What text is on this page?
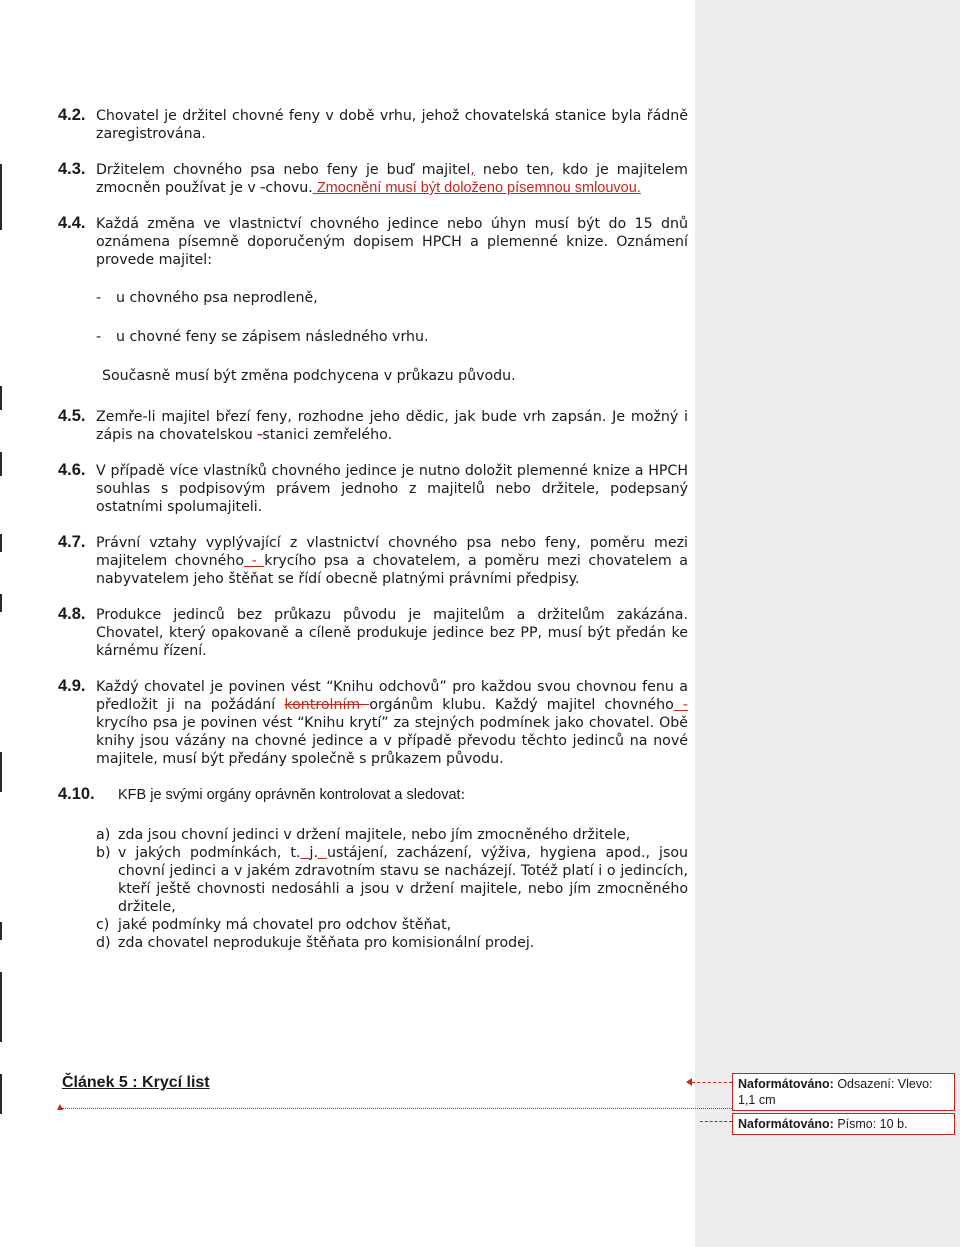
4.2. Chovatel je držitel chovné feny v době vrhu, jehož chovatelská stanice byla řádně zaregistrována.

4.3. Držitelem chovného psa nebo feny je buď majitel, nebo ten, kdo je majitelem zmocněn používat je v -chovu. Zmocnění musí být doloženo písemnou smlouvou.

4.4. Každá změna ve vlastnictví chovného jedince nebo úhyn musí být do 15 dnů oznámena písemně doporučeným dopisem HPCH a plemenné knize. Oznámení provede majitel:

- u chovného psa neprodleně,
- u chovné feny se zápisem následného vrhu.

Současně musí být změna podchycena v průkazu původu.

4.5. Zemře-li majitel březí feny, rozhodne jeho dědic, jak bude vrh zapsán. Je možný i zápis na chovatelskou -stanici zemřelého.

4.6. V případě více vlastníků chovného jedince je nutno doložit plemenné knize a HPCH souhlas s podpisovým právem jednoho z majitelů nebo držitele, podepsaný ostatními spolumajiteli.

4.7. Právní vztahy vyplývající z vlastnictví chovného psa nebo feny, poměru mezi majitelem chovného - krycího psa a chovatelem, a poměru mezi chovatelem a nabyvatelem jeho štěňat se řídí obecně platnými právními předpisy.

4.8. Produkce jedinců bez průkazu původu je majitelům a držitelům zakázána. Chovatel, který opakovaně a cíleně produkuje jedince bez PP, musí být předán ke kárnému řízení.

4.9. Každý chovatel je povinen vést “Knihu odchovů” pro každou svou chovnou fenu a předložit ji na požádání kontrolním orgánům klubu. Každý majitel chovného - krycího psa je povinen vést “Knihu krytí” za stejných podmínek jako chovatel. Obě knihy jsou vázány na chovné jedince a v případě převodu těchto jedinců na nové majitele, musí být předány společně s průkazem původu.

4.10. KFB je svými orgány oprávněn kontrolovat a sledovat:

a) zda jsou chovní jedinci v držení majitele, nebo jím zmocněného držitele,
b) v jakých podmínkách, t. j. ustájení, zacházení, výživa, hygiena apod., jsou chovní jedinci a v jakém zdravotním stavu se nacházejí. Totéž platí i o jedincích, kteří ještě chovnosti nedosáhli a jsou v držení majitele, nebo jím zmocněného držitele,
c) jaké podmínky má chovatel pro odchov štěňat,
d) zda chovatel neprodukuje štěňata pro komisionální prodej.
Článek 5 : Krycí list	Naformátováno: Odsazení: Vlevo: 1,1 cm
Naformátováno: Písmo: 10 b.
